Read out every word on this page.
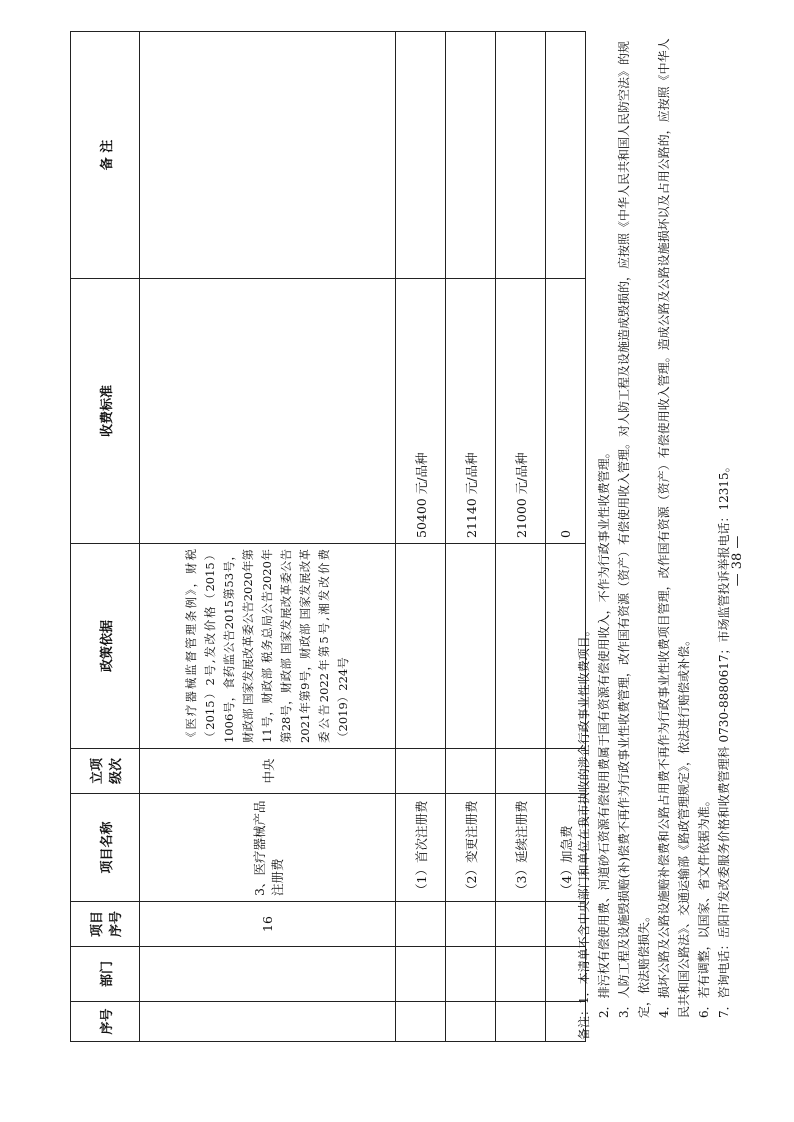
序号	部门	项目序号	项目名称	立项级次	政策依据	收费标准	备 注
		16	3、医疗器械产品注册费	中央	《医疗器械监督管理条例》，财税（2015）2号,发改价格（2015）1006号，食药监公告2015第53号，财政部 国家发展改革委公告2020年第11号，财政部 税务总局公告2020年第28号，财政部 国家发展改革委公告2021年第9号，财政部 国家发展改革委公告2022年第5号,湘发改价费（2019）224号		
			（1）首次注册费			50400 元/品种	
			（2）变更注册费			21140 元/品种	
			（3）延续注册费			21000 元/品种	
			（4）加急费			0	

备注：1．本清单不含中央部门和单位在我市执收的涉企行政事业性收费项目。 2．排污权有偿使用费、河道砂石资源有偿使用费属于国有资源有偿使用收入，不作为行政事业性收费管理。 3．人防工程及设施毁损赔(补)偿费不再作为行政事业性收费管理，改作国有资源（资产）有偿使用收入管理。对人防工程及设施造成毁损的，应按照《中华人民共和国人民防空法》的规定，依法赔偿损失。 4．损坏公路及公路设施赔补偿费和公路占用费不再作为行政事业性收费项目管理，改作国有资源（资产）有偿使用收入管理。造成公路及公路设施损坏以及占用公路的，应按照《中华人民共和国公路法》、交通运输部《路政管理规定》，依法进行赔偿或补偿。 6．若有调整，以国家、省文件依据为准。 7．咨询电话：岳阳市发改委服务价格和收费管理科 0730-8880617；市场监管投诉举报电话：12315。 — 38 —
